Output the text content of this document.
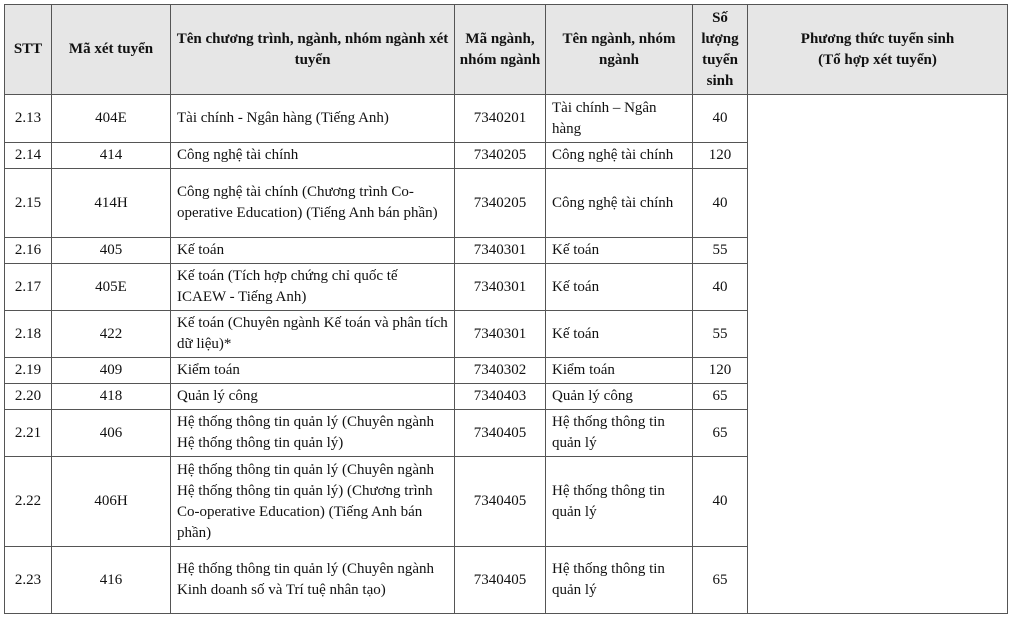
STT	Mã xét tuyển	Tên chương trình, ngành, nhóm ngành xét tuyển	Mã ngành, nhóm ngành	Tên ngành, nhóm ngành	Số lượng tuyển sinh	Phương thức tuyển sinh
(Tổ hợp xét tuyển)

2.13	404E	Tài chính - Ngân hàng (Tiếng Anh)	7340201	Tài chính – Ngân hàng	40	
2.14	414	Công nghệ tài chính	7340205	Công nghệ tài chính	120	
2.15	414H	Công nghệ tài chính (Chương trình Co-operative Education) (Tiếng Anh bán phần)	7340205	Công nghệ tài chính	40	
2.16	405	Kế toán	7340301	Kế toán	55	
2.17	405E	Kế toán (Tích hợp chứng chỉ quốc tế ICAEW - Tiếng Anh)	7340301	Kế toán	40	
2.18	422	Kế toán (Chuyên ngành Kế toán và phân tích dữ liệu)*	7340301	Kế toán	55	
2.19	409	Kiểm toán	7340302	Kiểm toán	120	
2.20	418	Quản lý công	7340403	Quản lý công	65	
2.21	406	Hệ thống thông tin quản lý (Chuyên ngành Hệ thống thông tin quản lý)	7340405	Hệ thống thông tin quản lý	65	
2.22	406H	Hệ thống thông tin quản lý (Chuyên ngành Hệ thống thông tin quản lý) (Chương trình Co-operative Education) (Tiếng Anh bán phần)	7340405	Hệ thống thông tin quản lý	40	
2.23	416	Hệ thống thông tin quản lý (Chuyên ngành Kinh doanh số và Trí tuệ nhân tạo)	7340405	Hệ thống thông tin quản lý	65	
